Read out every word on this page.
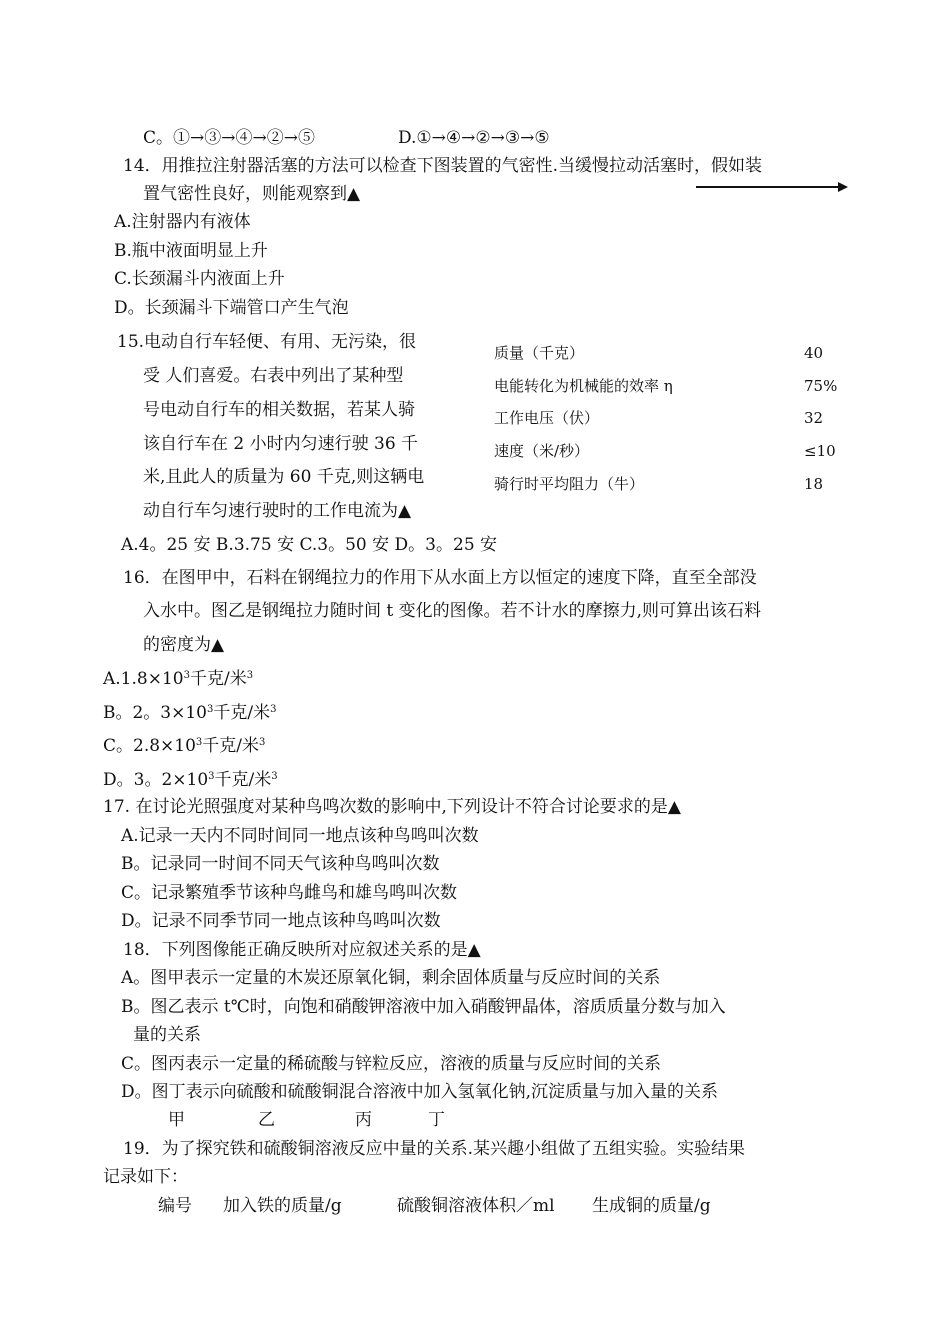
C。①→③→④→②→⑤	D.①→④→②→③→⑤
14．用推拉注射器活塞的方法可以检查下图装置的气密性.当缓慢拉动活塞时，假如装
置气密性良好，则能观察到▲
A.注射器内有液体
B.瓶中液面明显上升
C.长颈漏斗内液面上升
D。长颈漏斗下端管口产生气泡
15.电动自行车轻便、有用、无污染，很
受 人们喜爱。右表中列出了某种型
号电动自行车的相关数据，若某人骑
该自行车在 2 小时内匀速行驶 36 千
米,且此人的质量为 60 千克,则这辆电
动自行车匀速行驶时的工作电流为▲
质量（千克）	40
电能转化为机械能的效率 η	75%
工作电压（伏）	32
速度（米/秒）	≤10
骑行时平均阻力（牛）	18
A.4。25 安 B.3.75 安 C.3。50 安 D。3。25 安
16．在图甲中，石料在钢绳拉力的作用下从水面上方以恒定的速度下降，直至全部没
入水中。图乙是钢绳拉力随时间 t 变化的图像。若不计水的摩擦力,则可算出该石料
的密度为▲
$A.1.8\times 10^3$千克/米$^3$
B。2。$3\times 10^3$千克/米$^3$
C。$2.8\times 10^3$千克/米$^3$
D。3。$2\times 10^3$千克/米$^3$
17. 在讨论光照强度对某种鸟鸣次数的影响中,下列设计不符合讨论要求的是▲
A.记录一天内不同时间同一地点该种鸟鸣叫次数
B。记录同一时间不同天气该种鸟鸣叫次数
C。记录繁殖季节该种鸟雌鸟和雄鸟鸣叫次数
D。记录不同季节同一地点该种鸟鸣叫次数
18．下列图像能正确反映所对应叙述关系的是▲
A。图甲表示一定量的木炭还原氧化铜，剩余固体质量与反应时间的关系
B。图乙表示 t℃时，向饱和硝酸钾溶液中加入硝酸钾晶体，溶质质量分数与加入
量的关系
C。图丙表示一定量的稀硫酸与锌粒反应，溶液的质量与反应时间的关系
D。图丁表示向硫酸和硫酸铜混合溶液中加入氢氧化钠,沉淀质量与加入量的关系
甲	乙	丙	丁
19．为了探究铁和硫酸铜溶液反应中量的关系.某兴趣小组做了五组实验。实验结果
记录如下：
编号 加入铁的质量/g	硫酸铜溶液体积／ml 生成铜的质量/g
